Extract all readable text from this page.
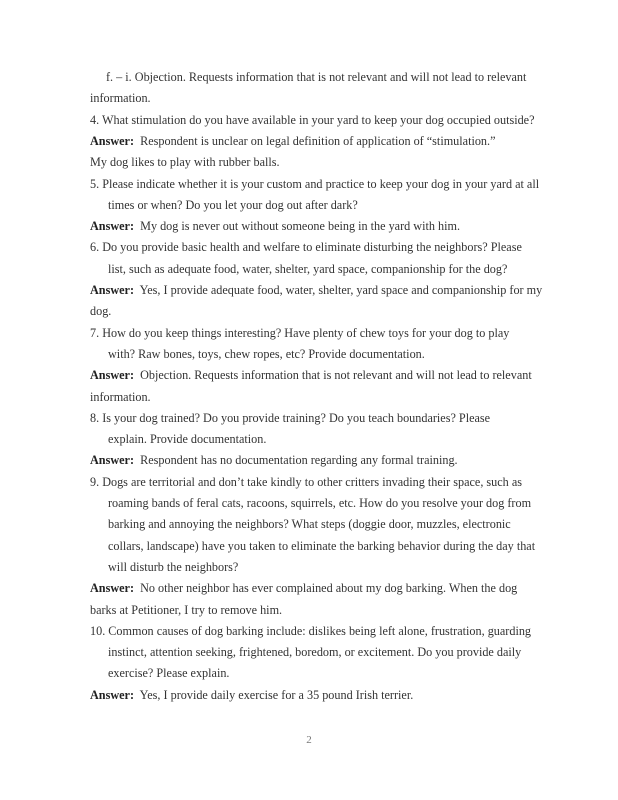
f. – i. Objection. Requests information that is not relevant and will not lead to relevant
information.
4. What stimulation do you have available in your yard to keep your dog occupied outside?
Answer: Respondent is unclear on legal definition of application of “stimulation.”
My dog likes to play with rubber balls.
5. Please indicate whether it is your custom and practice to keep your dog in your yard at all
times or when? Do you let your dog out after dark?
Answer: My dog is never out without someone being in the yard with him.
6. Do you provide basic health and welfare to eliminate disturbing the neighbors? Please
list, such as adequate food, water, shelter, yard space, companionship for the dog?
Answer: Yes, I provide adequate food, water, shelter, yard space and companionship for my
dog.
7. How do you keep things interesting? Have plenty of chew toys for your dog to play
with? Raw bones, toys, chew ropes, etc? Provide documentation.
Answer: Objection. Requests information that is not relevant and will not lead to relevant
information.
8. Is your dog trained? Do you provide training? Do you teach boundaries? Please
explain. Provide documentation.
Answer: Respondent has no documentation regarding any formal training.
9. Dogs are territorial and don’t take kindly to other critters invading their space, such as
roaming bands of feral cats, racoons, squirrels, etc. How do you resolve your dog from
barking and annoying the neighbors? What steps (doggie door, muzzles, electronic
collars, landscape) have you taken to eliminate the barking behavior during the day that
will disturb the neighbors?
Answer: No other neighbor has ever complained about my dog barking. When the dog
barks at Petitioner, I try to remove him.
10. Common causes of dog barking include: dislikes being left alone, frustration, guarding
instinct, attention seeking, frightened, boredom, or excitement. Do you provide daily
exercise? Please explain.
Answer: Yes, I provide daily exercise for a 35 pound Irish terrier.
2
